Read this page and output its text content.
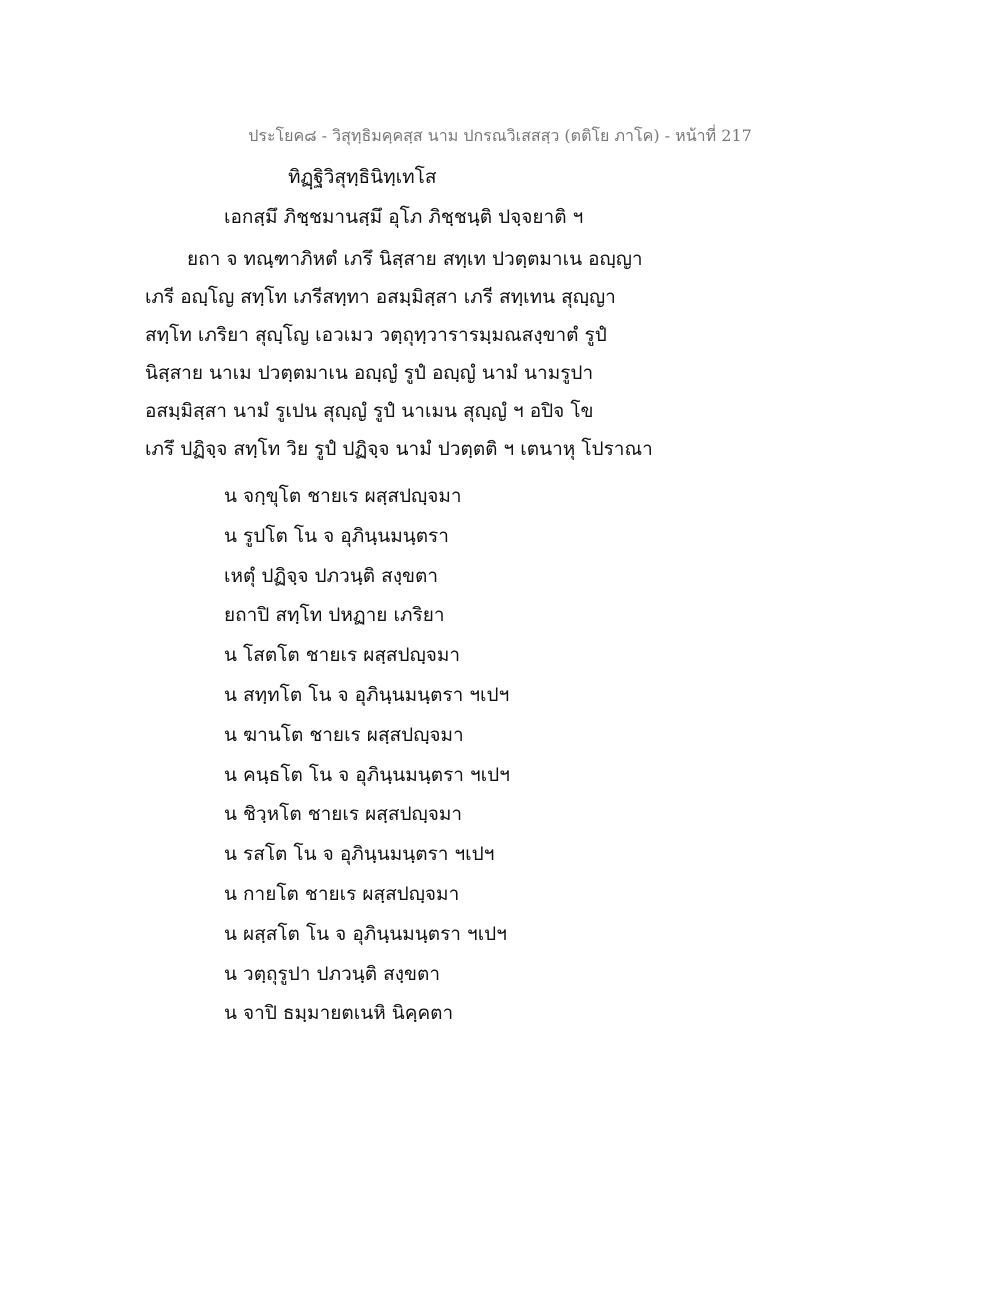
ประโยค๘ - วิสุทฺธิมคฺคสฺส นาม ปกรณวิเสสสฺว (ตติโย ภาโค) - หน้าที่ 217
ทิฏฺฐิวิสุทฺธินิทฺเทโส
เอกสฺมึ ภิชฺชมานสฺมึ อุโภ ภิชฺชนฺติ ปจฺจยาติ ฯ
ยถา จ ทณฺฑาภิหตํ เภรึ นิสฺสาย สทฺเท ปวตฺตมาเน อญฺญา
เภรี อญฺโญ สทฺโท เภรีสทฺทา อสมฺมิสฺสา เภรี สทฺเทน สุญฺญา
สทฺโท เภริยา สุญฺโญ เอวเมว วตฺถุทฺวารารมฺมณสงฺขาตํ รูปํ
นิสฺสาย นาเม ปวตฺตมาเน อญฺญํ รูปํ อญฺญํ นามํ นามรูปา
อสมฺมิสฺสา นามํ รูเปน สุญฺญํ รูปํ นาเมน สุญฺญํ ฯ อปิจ โข
เภรึ ปฏิจฺจ สทฺโท วิย รูปํ ปฏิจฺจ นามํ ปวตฺตติ ฯ เตนาหุ โปราณา
น จกฺขุโต ชายเร ผสฺสปญฺจมา
น รูปโต โน จ อุภินฺนมนฺตรา
เหตุํ ปฏิจฺจ ปภวนฺติ สงฺขตา
ยถาปิ สทฺโท ปหฏาย เภริยา
น โสตโต ชายเร ผสฺสปญฺจมา
น สทฺทโต โน จ อุภินฺนมนฺตรา ฯเปฯ
น ฆานโต ชายเร ผสฺสปญฺจมา
น คนฺธโต โน จ อุภินฺนมนฺตรา ฯเปฯ
น ชิวฺหโต ชายเร ผสฺสปญฺจมา
น รสโต โน จ อุภินฺนมนฺตรา ฯเปฯ
น กายโต ชายเร ผสฺสปญฺจมา
น ผสฺสโต โน จ อุภินฺนมนฺตรา ฯเปฯ
น วตฺถุรูปา ปภวนฺติ สงฺขตา
น จาปิ ธมฺมายตเนหิ นิคฺคตา
